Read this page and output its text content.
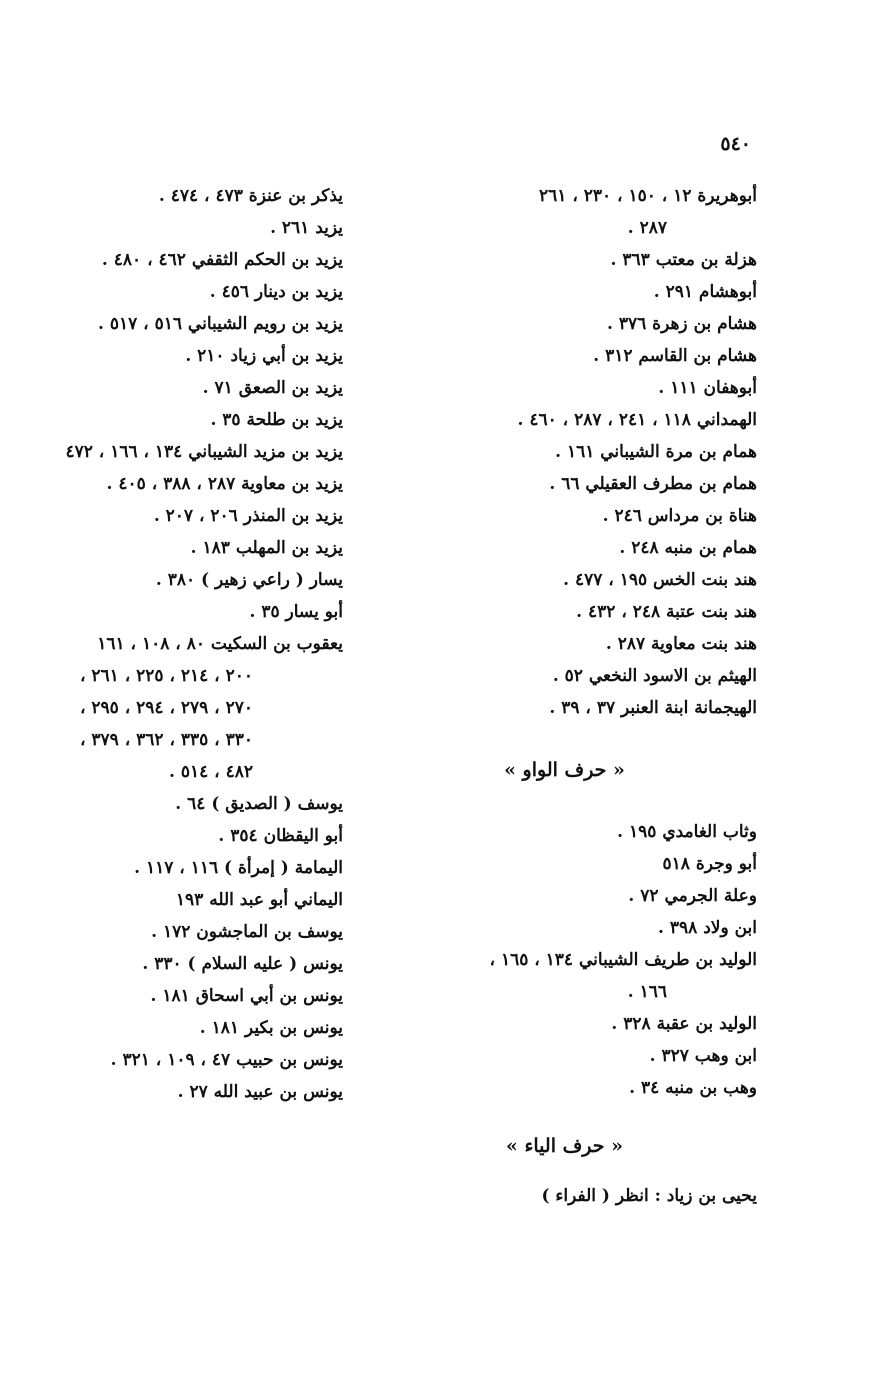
٥٤٠
أبوهريرة ١٢ ، ١٥٠ ، ٢٣٠ ، ٢٦١
٢٨٧ .
هزلة بن معتب ٣٦٣ .
أبوهشام ٢٩١ .
هشام بن زهرة ٣٧٦ .
هشام بن القاسم ٣١٢ .
أبوهفان ١١١ .
الهمداني ١١٨ ، ٢٤١ ، ٢٨٧ ، ٤٦٠ .
همام بن مرة الشيباني ١٦١ .
همام بن مطرف العقيلي ٦٦ .
هناة بن مرداس ٢٤٦ .
همام بن منبه ٢٤٨ .
هند بنت الخس ١٩٥ ، ٤٧٧ .
هند بنت عتبة ٢٤٨ ، ٤٣٢ .
هند بنت معاوية ٢٨٧ .
الهيثم بن الاسود النخعي ٥٢ .
الهيجمانة ابنة العنبر ٣٧ ، ٣٩ .
« حرف الواو »
وثاب الغامدي ١٩٥ .
أبو وجرة ٥١٨
وعلة الجرمي ٧٢ .
ابن ولاد ٣٩٨ .
الوليد بن طريف الشيباني ١٣٤ ، ١٦٥ ،
١٦٦ .
الوليد بن عقبة ٣٢٨ .
ابن وهب ٣٢٧ .
وهب بن منبه ٣٤ .
« حرف الياء »
يحيى بن زياد : انظر ( الفراء )
يذكر بن عنزة ٤٧٣ ، ٤٧٤ .
يزيد ٢٦١ .
يزيد بن الحكم الثقفي ٤٦٢ ، ٤٨٠ .
يزيد بن دينار ٤٥٦ .
يزيد بن رويم الشيباني ٥١٦ ، ٥١٧ .
يزيد بن أبي زياد ٢١٠ .
يزيد بن الصعق ٧١ .
يزيد بن طلحة ٣٥ .
يزيد بن مزيد الشيباني ١٣٤ ، ١٦٦ ، ٤٧٢
يزيد بن معاوية ٢٨٧ ، ٣٨٨ ، ٤٠٥ .
يزيد بن المنذر ٢٠٦ ، ٢٠٧ .
يزيد بن المهلب ١٨٣ .
يسار ( راعي زهير ) ٣٨٠ .
أبو يسار ٣٥ .
يعقوب بن السكيت ٨٠ ، ١٠٨ ، ١٦١
٢٠٠ ، ٢١٤ ، ٢٢٥ ، ٢٦١ ،
٢٧٠ ، ٢٧٩ ، ٢٩٤ ، ٢٩٥ ،
٣٣٠ ، ٣٣٥ ، ٣٦٢ ، ٣٧٩ ،
٤٨٢ ، ٥١٤ .
يوسف ( الصديق ) ٦٤ .
أبو اليقظان ٣٥٤ .
اليمامة ( إمرأة ) ١١٦ ، ١١٧ .
اليماني أبو عبد الله ١٩٣
يوسف بن الماجشون ١٧٢ .
يونس ( عليه السلام ) ٣٣٠ .
يونس بن أبي اسحاق ١٨١ .
يونس بن بكير ١٨١ .
يونس بن حبيب ٤٧ ، ١٠٩ ، ٣٢١ .
يونس بن عبيد الله ٢٧ .
